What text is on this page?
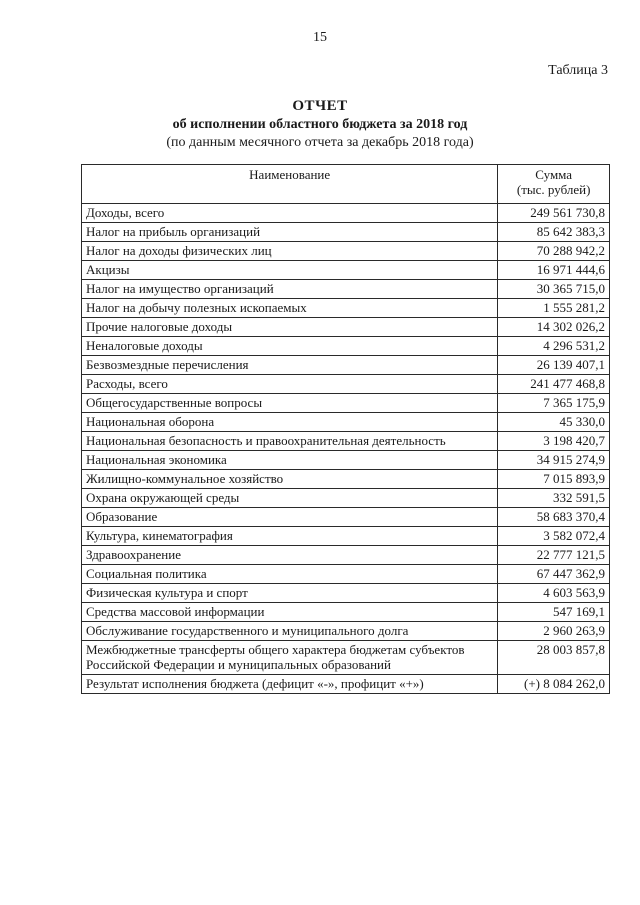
15
Таблица 3
ОТЧЕТ
об исполнении областного бюджета за 2018 год
(по данным месячного отчета за декабрь 2018 года)
Наименование	Сумма
(тыс. рублей)

Доходы, всего	249 561 730,8
Налог на прибыль организаций	85 642 383,3
Налог на доходы физических лиц	70 288 942,2
Акцизы	16 971 444,6
Налог на имущество организаций	30 365 715,0
Налог на добычу полезных ископаемых	1 555 281,2
Прочие налоговые доходы	14 302 026,2
Неналоговые доходы	4 296 531,2
Безвозмездные перечисления	26 139 407,1
Расходы, всего	241 477 468,8
Общегосударственные вопросы	7 365 175,9
Национальная оборона	45 330,0
Национальная безопасность и правоохранительная деятельность	3 198 420,7
Национальная экономика	34 915 274,9
Жилищно-коммунальное хозяйство	7 015 893,9
Охрана окружающей среды	332 591,5
Образование	58 683 370,4
Культура, кинематография	3 582 072,4
Здравоохранение	22 777 121,5
Социальная политика	67 447 362,9
Физическая культура и спорт	4 603 563,9
Средства массовой информации	547 169,1
Обслуживание государственного и муниципального долга	2 960 263,9
Межбюджетные трансферты общего характера бюджетам субъектов Российской Федерации и муниципальных образований	28 003 857,8
Результат исполнения бюджета (дефицит «-», профицит «+»)	(+) 8 084 262,0
